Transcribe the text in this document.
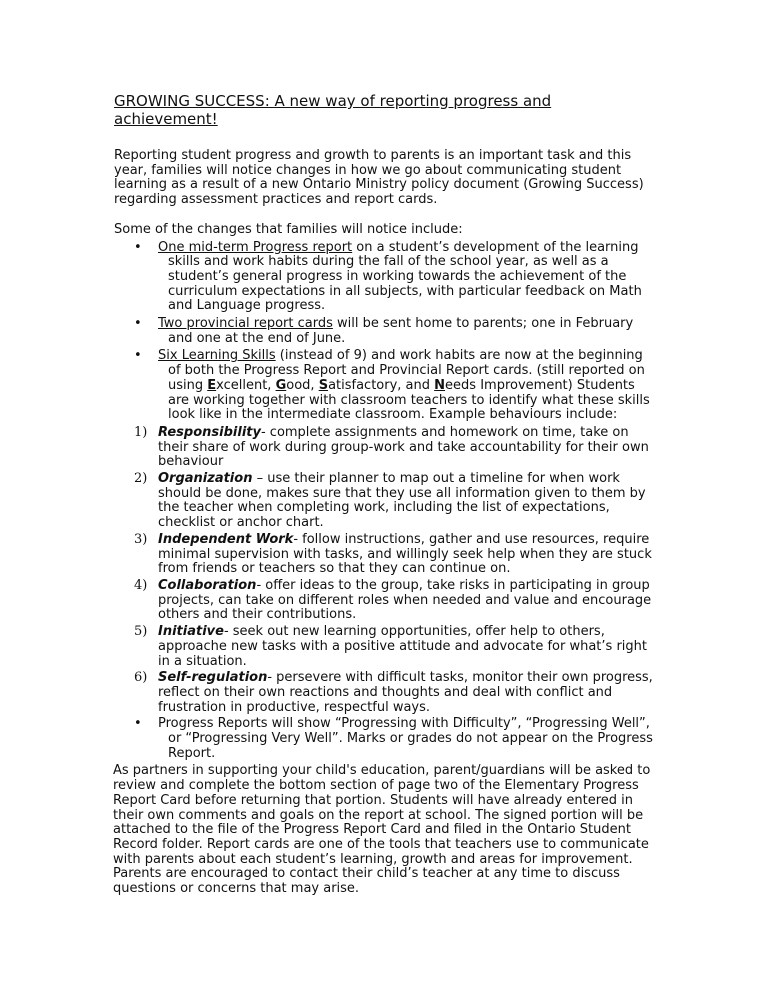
GROWING SUCCESS: A new way of reporting progress and achievement!

Reporting student progress and growth to parents is an important task and this year, families will notice changes in how we go about communicating student learning as a result of a new Ontario Ministry policy document (Growing Success) regarding assessment practices and report cards.

Some of the changes that families will notice include:

• One mid-term Progress report on a student’s development of the learning skills and work habits during the fall of the school year, as well as a student’s general progress in working towards the achievement of the curriculum expectations in all subjects, with particular feedback on Math and Language progress.
• Two provincial report cards will be sent home to parents; one in February and one at the end of June.
• Six Learning Skills (instead of 9) and work habits are now at the beginning of both the Progress Report and Provincial Report cards. (still reported on using Excellent, Good, Satisfactory, and Needs Improvement) Students are working together with classroom teachers to identify what these skills look like in the intermediate classroom. Example behaviours include:
1) Responsibility- complete assignments and homework on time, take on their share of work during group-work and take accountability for their own behaviour
2) Organization – use their planner to map out a timeline for when work should be done, makes sure that they use all information given to them by the teacher when completing work, including the list of expectations, checklist or anchor chart.
3) Independent Work- follow instructions, gather and use resources, require minimal supervision with tasks, and willingly seek help when they are stuck from friends or teachers so that they can continue on.
4) Collaboration- offer ideas to the group, take risks in participating in group projects, can take on different roles when needed and value and encourage others and their contributions.
5) Initiative- seek out new learning opportunities, offer help to others, approache new tasks with a positive attitude and advocate for what’s right in a situation.
6) Self-regulation- persevere with difficult tasks, monitor their own progress, reflect on their own reactions and thoughts and deal with conflict and frustration in productive, respectful ways.
• Progress Reports will show “Progressing with Difficulty”, “Progressing Well”, or “Progressing Very Well”. Marks or grades do not appear on the Progress Report.

As partners in supporting your child's education, parent/guardians will be asked to review and complete the bottom section of page two of the Elementary Progress Report Card before returning that portion. Students will have already entered in their own comments and goals on the report at school. The signed portion will be attached to the file of the Progress Report Card and filed in the Ontario Student Record folder. Report cards are one of the tools that teachers use to communicate with parents about each student’s learning, growth and areas for improvement. Parents are encouraged to contact their child’s teacher at any time to discuss questions or concerns that may arise.
